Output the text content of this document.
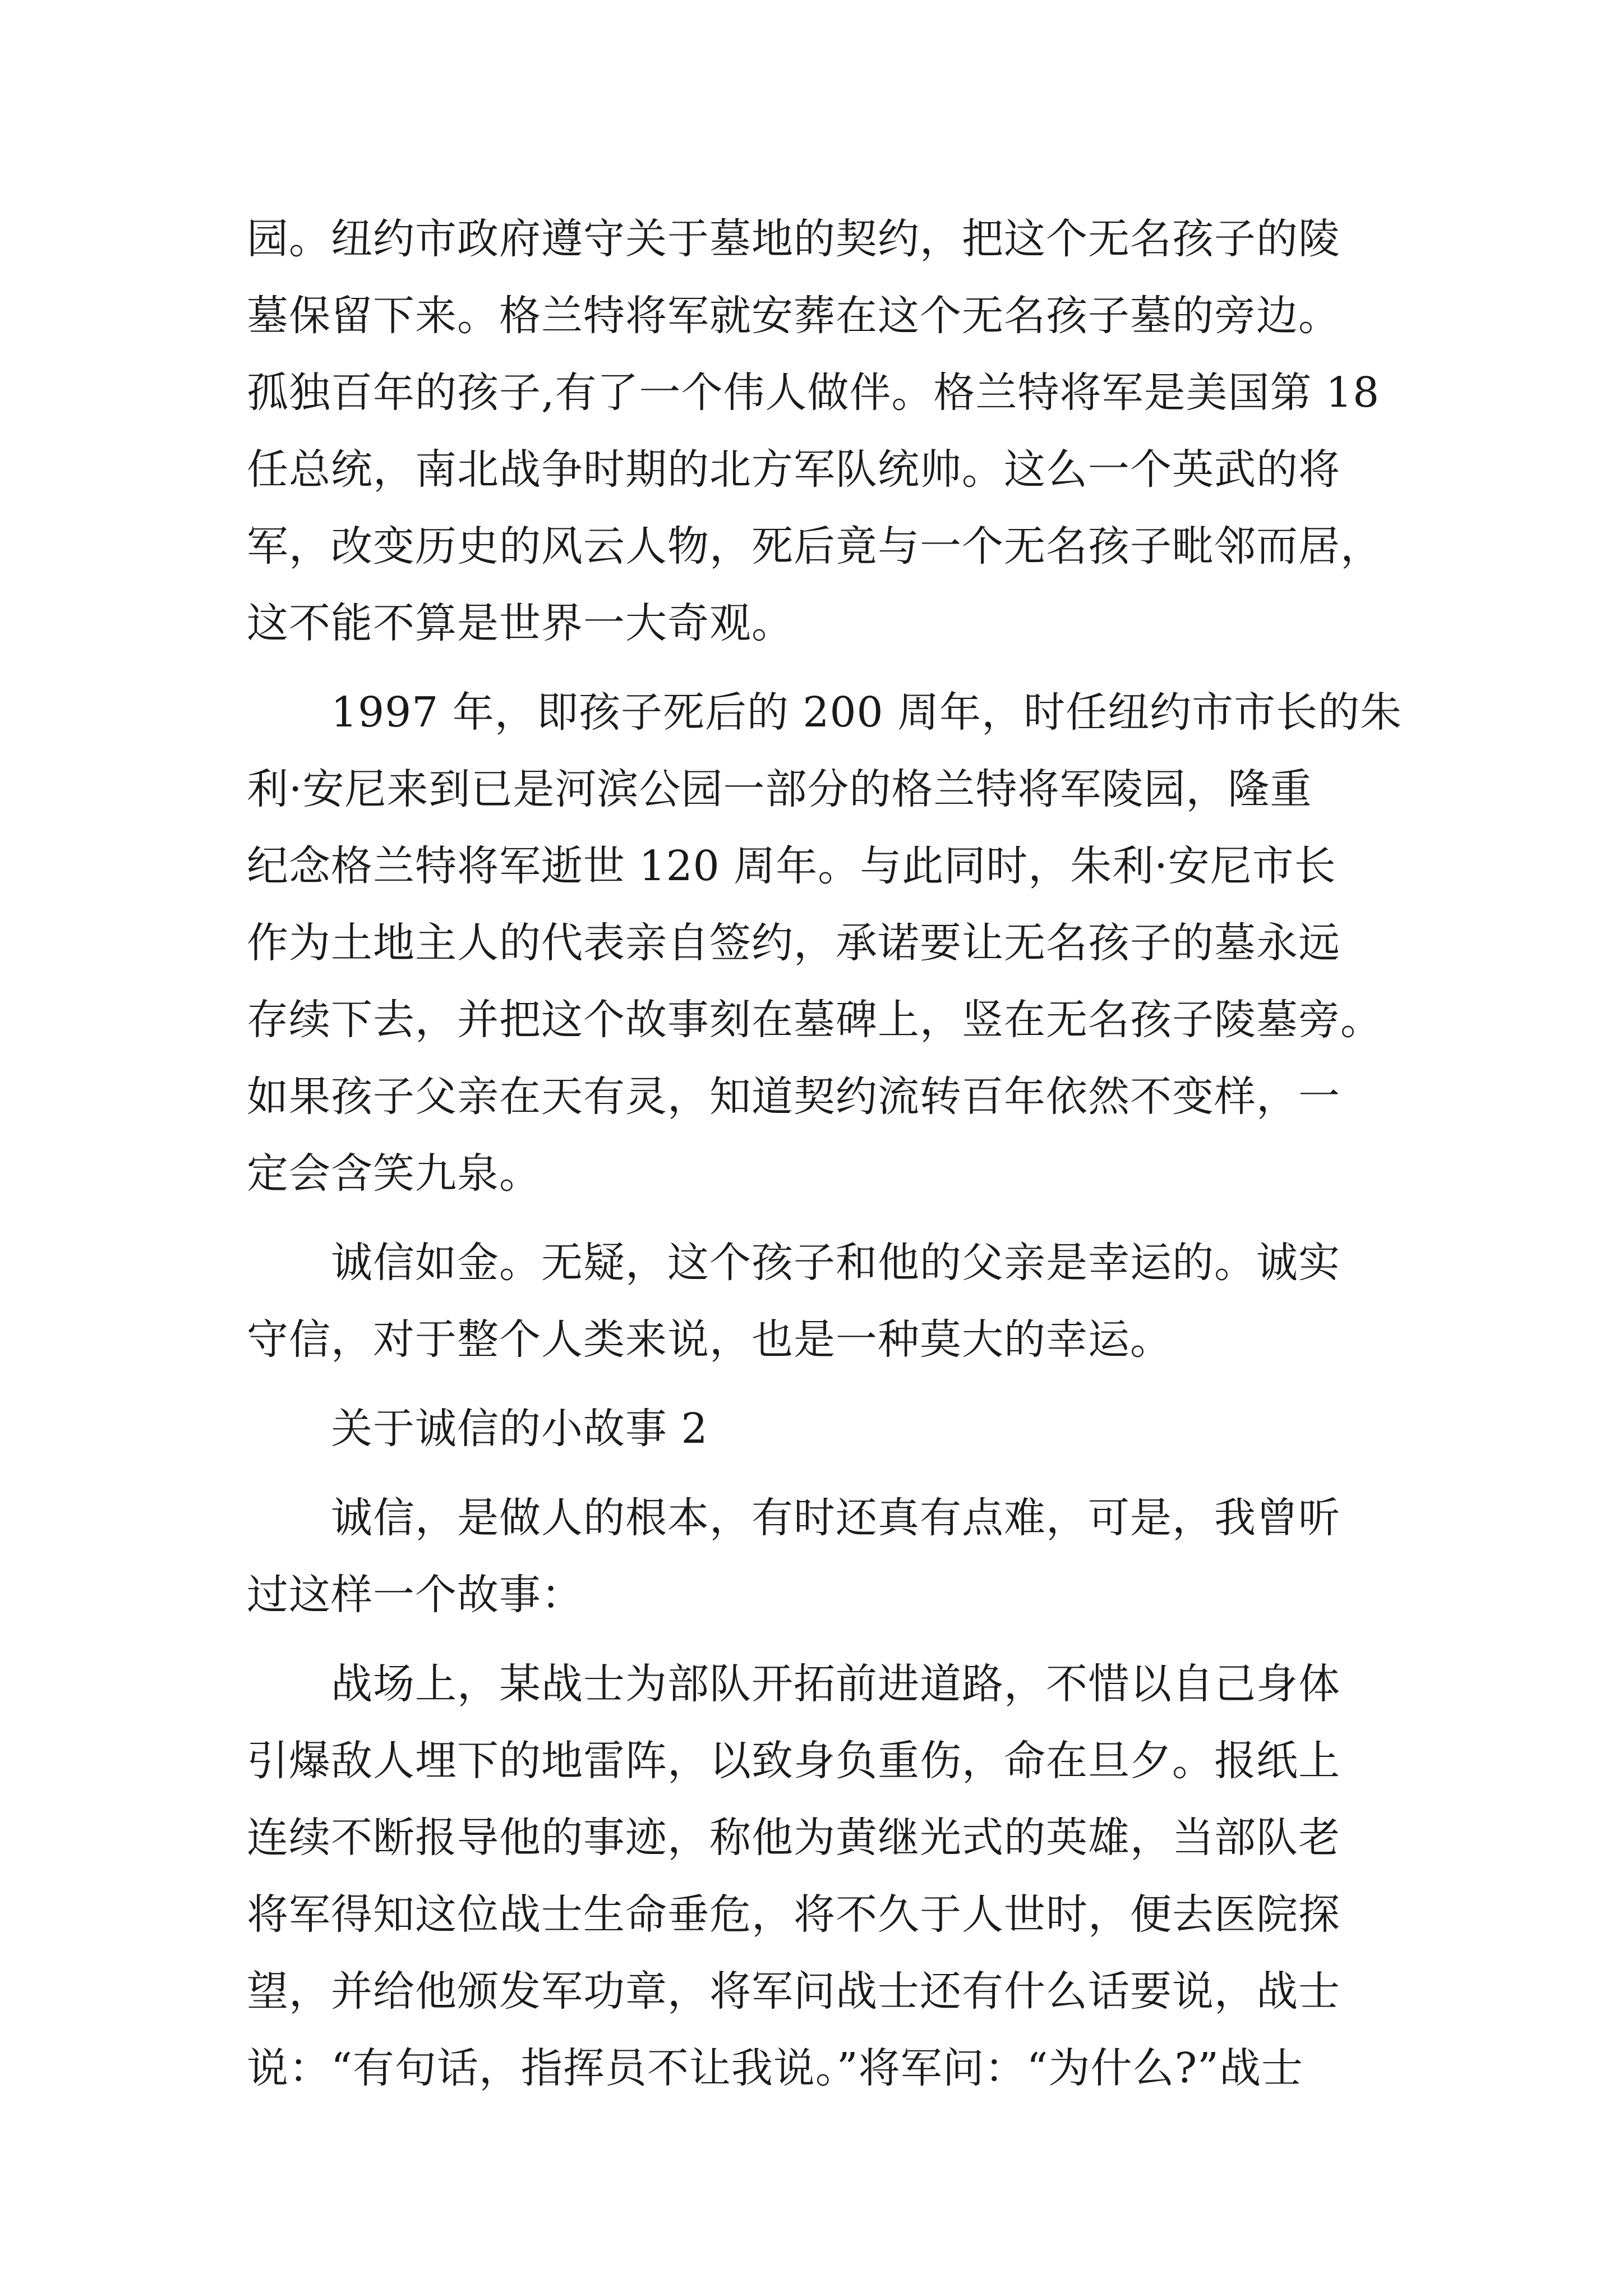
园。纽约市政府遵守关于墓地的契约，把这个无名孩子的陵
墓保留下来。格兰特将军就安葬在这个无名孩子墓的旁边。
孤独百年的孩子,有了一个伟人做伴。格兰特将军是美国第 18
任总统，南北战争时期的北方军队统帅。这么一个英武的将
军，改变历史的风云人物，死后竟与一个无名孩子毗邻而居，
这不能不算是世界一大奇观。
1997 年，即孩子死后的 200 周年，时任纽约市市长的朱
利·安尼来到已是河滨公园一部分的格兰特将军陵园，隆重
纪念格兰特将军逝世 120 周年。与此同时，朱利·安尼市长
作为土地主人的代表亲自签约，承诺要让无名孩子的墓永远
存续下去，并把这个故事刻在墓碑上，竖在无名孩子陵墓旁。
如果孩子父亲在天有灵，知道契约流转百年依然不变样，一
定会含笑九泉。
诚信如金。无疑，这个孩子和他的父亲是幸运的。诚实
守信，对于整个人类来说，也是一种莫大的幸运。
关于诚信的小故事 2
诚信，是做人的根本，有时还真有点难，可是，我曾听
过这样一个故事：
战场上，某战士为部队开拓前进道路，不惜以自己身体
引爆敌人埋下的地雷阵，以致身负重伤，命在旦夕。报纸上
连续不断报导他的事迹，称他为黄继光式的英雄，当部队老
将军得知这位战士生命垂危，将不久于人世时，便去医院探
望，并给他颁发军功章，将军问战士还有什么话要说，战士
说：“有句话，指挥员不让我说。”将军问：“为什么?”战士
